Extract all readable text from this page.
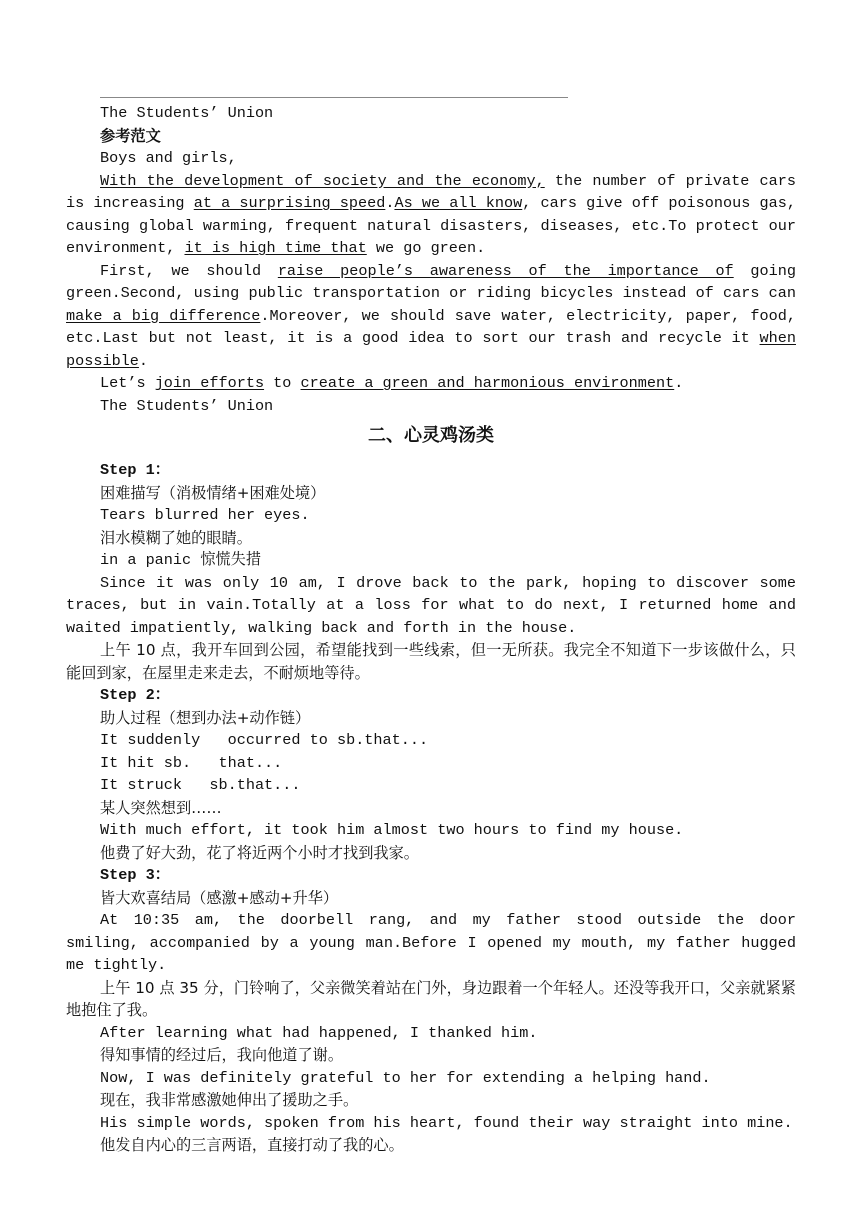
The Students’ Union

参考范文

Boys and girls,

With the development of society and the economy, the number of private cars is increasing at a surprising speed.As we all know, cars give off poisonous gas, causing global warming, frequent natural disasters, diseases, etc.To protect our environment, it is high time that we go green.

First, we should raise people’s awareness of the importance of going green.Second, using public transportation or riding bicycles instead of cars can make a big difference.Moreover, we should save water, electricity, paper, food, etc.Last but not least, it is a good idea to sort our trash and recycle it when possible.

Let’s join efforts to create a green and harmonious environment.

The Students’ Union

二、心灵鸡汤类

Step 1：

困难描写（消极情绪+困难处境）

Tears blurred her eyes.

泪水模糊了她的眼睛。

in a panic 惊慌失措

Since it was only 10 am, I drove back to the park, hoping to discover some traces, but in vain.Totally at a loss for what to do next, I returned home and waited impatiently, walking back and forth in the house.

上午 10 点，我开车回到公园，希望能找到一些线索，但一无所获。我完全不知道下一步该做什么，只能回到家，在屋里走来走去，不耐烦地等待。

Step 2：

助人过程（想到办法+动作链）

It suddenly   occurred to sb.that...

It hit sb.   that...

It struck   sb.that...

某人突然想到……

With much effort, it took him almost two hours to find my house.

他费了好大劲，花了将近两个小时才找到我家。

Step 3：

皆大欢喜结局（感激+感动+升华）

At 10:35 am, the doorbell rang, and my father stood outside the door smiling, accompanied by a young man.Before I opened my mouth, my father hugged me tightly.

上午 10 点 35 分，门铃响了，父亲微笑着站在门外，身边跟着一个年轻人。还没等我开口，父亲就紧紧地抱住了我。

After learning what had happened, I thanked him.

得知事情的经过后，我向他道了谢。

Now, I was definitely grateful to her for extending a helping hand.

现在，我非常感激她伸出了援助之手。

His simple words, spoken from his heart, found their way straight into mine.

他发自内心的三言两语，直接打动了我的心。
